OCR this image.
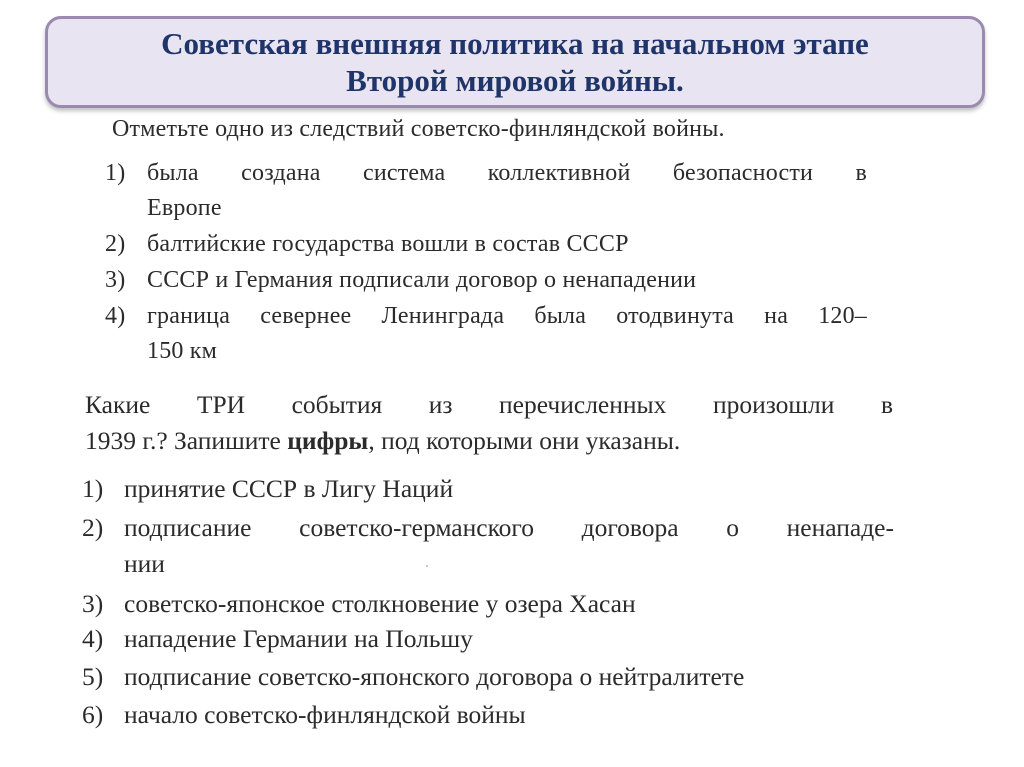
Советская внешняя политика на начальном этапе
Второй мировой войны.
Отметьте одно из следствий советско-финляндской войны.
1) была создана система коллективной безопасности в
Европе
2) балтийские государства вошли в состав СССР
3) СССР и Германия подписали договор о ненападении
4) граница севернее Ленинграда была отодвинута на 120–
150 км
Какие ТРИ события из перечисленных произошли в
1939 г.? Запишите цифры, под которыми они указаны.
1) принятие СССР в Лигу Наций
2) подписание советско-германского договора о ненападе-
нии
3) советско-японское столкновение у озера Хасан
4) нападение Германии на Польшу
5) подписание советско-японского договора о нейтралитете
6) начало советско-финляндской войны
